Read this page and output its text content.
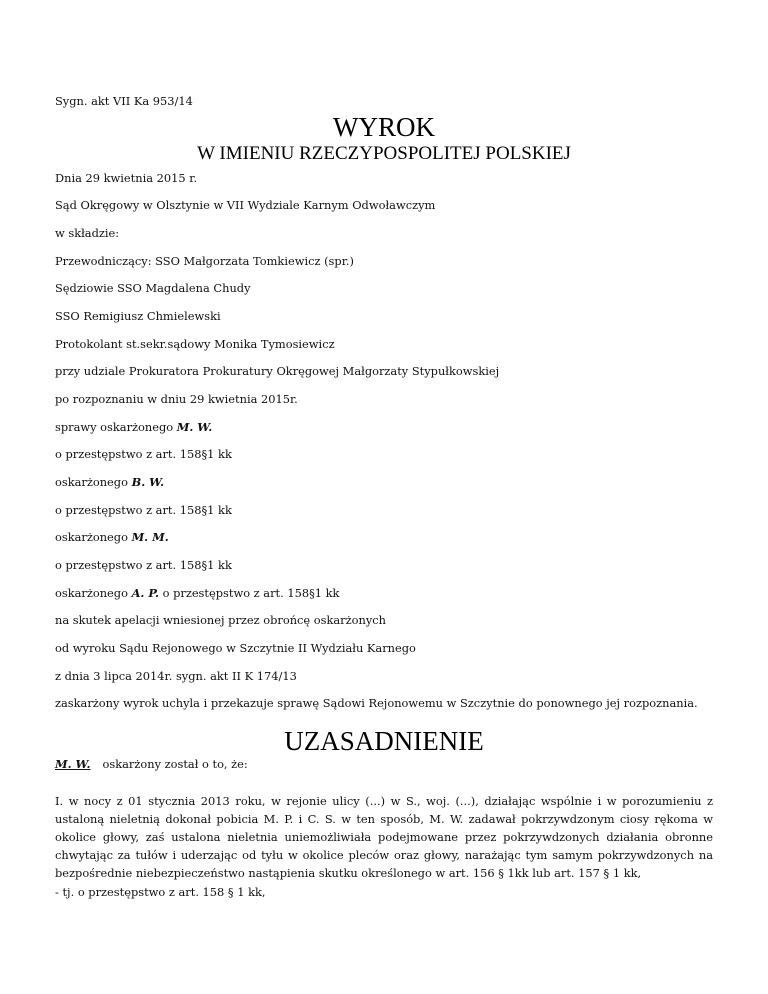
Sygn. akt VII Ka 953/14
WYROK
W IMIENIU RZECZYPOSPOLITEJ POLSKIEJ
Dnia 29 kwietnia 2015 r.
Sąd Okręgowy w Olsztynie w VII Wydziale Karnym Odwoławczym
w składzie:
Przewodniczący: SSO Małgorzata Tomkiewicz (spr.)
Sędziowie SSO Magdalena Chudy
SSO Remigiusz Chmielewski
Protokolant st.sekr.sądowy Monika Tymosiewicz
przy udziale Prokuratora Prokuratury Okręgowej Małgorzaty Stypułkowskiej
po rozpoznaniu w dniu 29 kwietnia 2015r.
sprawy oskarżonego M. W.
o przestępstwo z art. 158§1 kk
oskarżonego B. W.
o przestępstwo z art. 158§1 kk
oskarżonego M. M.
o przestępstwo z art. 158§1 kk
oskarżonego A. P. o przestępstwo z art. 158§1 kk
na skutek apelacji wniesionej przez obrońcę oskarżonych
od wyroku Sądu Rejonowego w Szczytnie II Wydziału Karnego
z dnia 3 lipca 2014r. sygn. akt II K 174/13
zaskarżony wyrok uchyla i przekazuje sprawę Sądowi Rejonowemu w Szczytnie do ponownego jej rozpoznania.
UZASADNIENIE
M. W. oskarżony został o to, że:
I. w nocy z 01 stycznia 2013 roku, w rejonie ulicy (...) w S., woj. (...), działając wspólnie i w porozumieniu z ustaloną nieletnią dokonał pobicia M. P. i C. S. w ten sposób, M. W. zadawał pokrzywdzonym ciosy rękoma w okolice głowy, zaś ustalona nieletnia uniemożliwiała podejmowane przez pokrzywdzonych działania obronne chwytając za tułów i uderzając od tyłu w okolice pleców oraz głowy, narażając tym samym pokrzywdzonych na bezpośrednie niebezpieczeństwo nastąpienia skutku określonego w art. 156 § 1kk lub art. 157 § 1 kk,
- tj. o przestępstwo z art. 158 § 1 kk,
